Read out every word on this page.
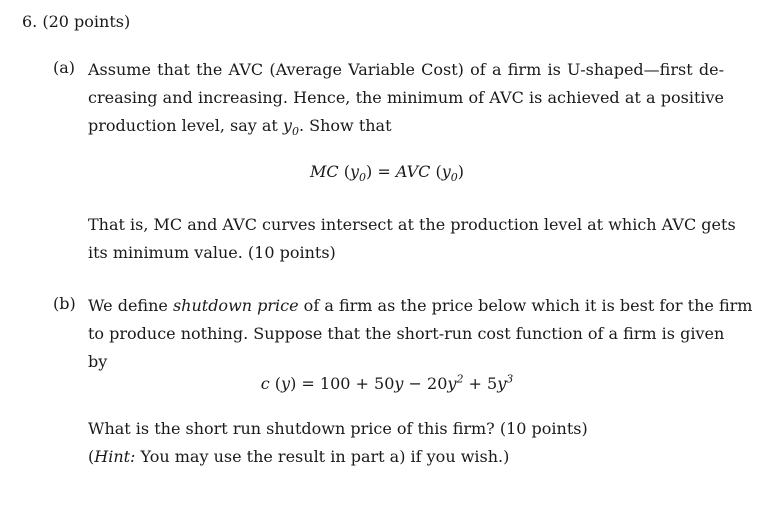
6. (20 points)
(a) Assume that the AVC (Average Variable Cost) of a firm is U-shaped—first de-
creasing and increasing. Hence, the minimum of AVC is achieved at a positive
production level, say at $y_0$. Show that
MC $(y_0)$ = AVC $(y_0)$
That is, MC and AVC curves intersect at the production level at which AVC gets
its minimum value. (10 points)
(b) We define shutdown price of a firm as the price below which it is best for the firm
to produce nothing. Suppose that the short-run cost function of a firm is given
by
c $(y) = 100 + 50y - 20y^2 + 5y^3$
What is the short run shutdown price of this firm? (10 points)
(Hint: You may use the result in part a) if you wish.)
